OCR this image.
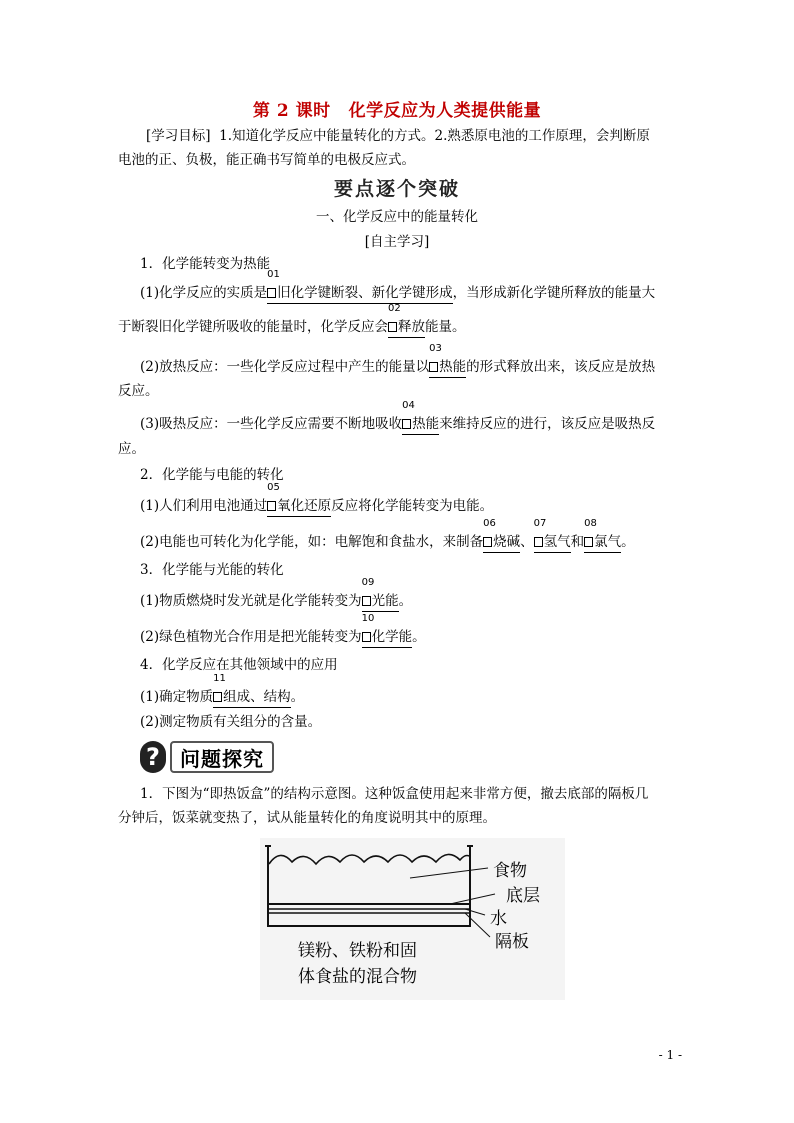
第 2 课时 化学反应为人类提供能量
[学习目标] 1.知道化学反应中能量转化的方式。2.熟悉原电池的工作原理，会判断原
电池的正、负极，能正确书写简单的电极反应式。
要点逐个突破
一、化学反应中的能量转化
[自主学习]
1．化学能转变为热能
(1)化学反应的实质是
01
旧化学键断裂、新化学键形成，当形成新化学键所释放的能量大
于断裂旧化学键所吸收的能量时，化学反应会
02
释放能量。
(2)放热反应：一些化学反应过程中产生的能量以
03
热能的形式释放出来，该反应是放热
反应。
(3)吸热反应：一些化学反应需要不断地吸收
04
热能来维持反应的进行，该反应是吸热反
应。
2．化学能与电能的转化
(1)人们利用电池通过
05
氧化还原反应将化学能转变为电能。
(2)电能也可转化为化学能，如：电解饱和食盐水，来制备
06
烧碱、
07
氢气和
08
氯气。
3．化学能与光能的转化
(1)物质燃烧时发光就是化学能转变为
09
光能。
(2)绿色植物光合作用是把光能转变为
10
化学能。
4．化学反应在其他领域中的应用
(1)确定物质
11
组成、结构。
(2)测定物质有关组分的含量。
?	问题探究
1．下图为“即热饭盒”的结构示意图。这种饭盒使用起来非常方便，撤去底部的隔板几
分钟后，饭菜就变热了，试从能量转化的角度说明其中的原理。
食物
底层
水
隔板
镁粉、铁粉和固
体食盐的混合物
- 1 -
